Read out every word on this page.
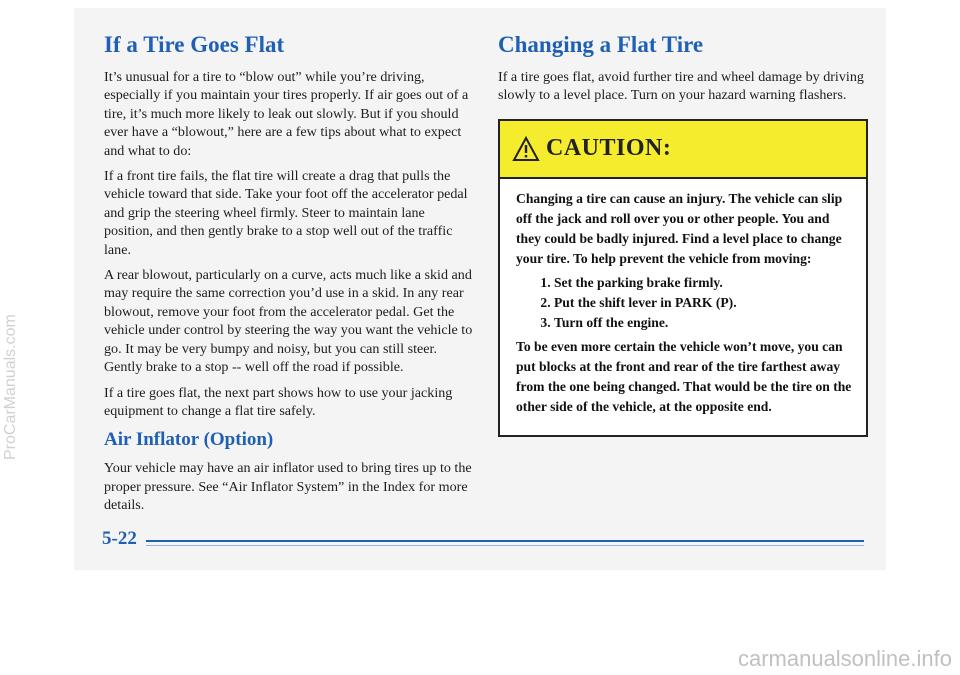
If a Tire Goes Flat

It’s unusual for a tire to “blow out” while you’re driving, especially if you maintain your tires properly. If air goes out of a tire, it’s much more likely to leak out slowly. But if you should ever have a “blowout,” here are a few tips about what to expect and what to do:

If a front tire fails, the flat tire will create a drag that pulls the vehicle toward that side. Take your foot off the accelerator pedal and grip the steering wheel firmly. Steer to maintain lane position, and then gently brake to a stop well out of the traffic lane.

A rear blowout, particularly on a curve, acts much like a skid and may require the same correction you’d use in a skid. In any rear blowout, remove your foot from the accelerator pedal. Get the vehicle under control by steering the way you want the vehicle to go. It may be very bumpy and noisy, but you can still steer. Gently brake to a stop -- well off the road if possible.

If a tire goes flat, the next part shows how to use your jacking equipment to change a flat tire safely.

Air Inflator (Option)

Your vehicle may have an air inflator used to bring tires up to the proper pressure. See “Air Inflator System” in the Index for more details.

Changing a Flat Tire

If a tire goes flat, avoid further tire and wheel damage by driving slowly to a level place. Turn on your hazard warning flashers.

CAUTION:

Changing a tire can cause an injury. The vehicle can slip off the jack and roll over you or other people. You and they could be badly injured. Find a level place to change your tire. To help prevent the vehicle from moving:

1. Set the parking brake firmly.
2. Put the shift lever in PARK (P).
3. Turn off the engine.

To be even more certain the vehicle won’t move, you can put blocks at the front and rear of the tire farthest away from the one being changed. That would be the tire on the other side of the vehicle, at the opposite end.

5-22
ProCarManuals.com
carmanualsonline.info
